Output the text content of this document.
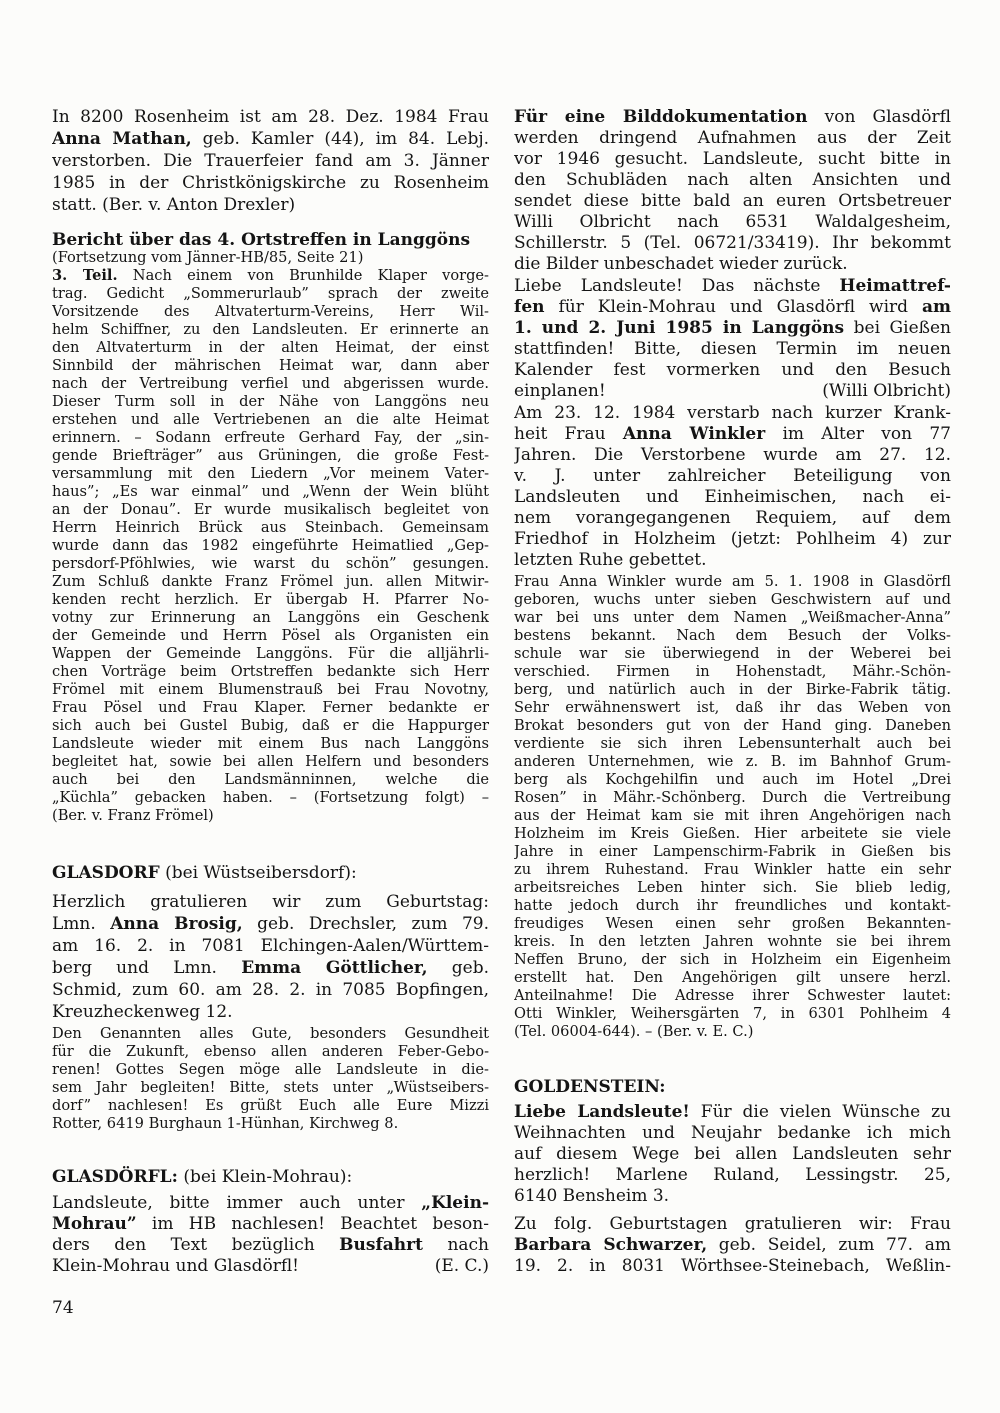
In 8200 Rosenheim ist am 28. Dez. 1984 Frau
Anna Mathan, geb. Kamler (44), im 84. Lebj.
verstorben. Die Trauerfeier fand am 3. Jänner
1985 in der Christkönigskirche zu Rosenheim
statt. (Ber. v. Anton Drexler)
Bericht über das 4. Ortstreffen in Langgöns
(Fortsetzung vom Jänner-HB/85, Seite 21)
3. Teil. Nach einem von Brunhilde Klaper vorge-
trag. Gedicht „Sommerurlaub” sprach der zweite
Vorsitzende des Altvaterturm-Vereins, Herr Wil-
helm Schiffner, zu den Landsleuten. Er erinnerte an
den Altvaterturm in der alten Heimat, der einst
Sinnbild der mährischen Heimat war, dann aber
nach der Vertreibung verfiel und abgerissen wurde.
Dieser Turm soll in der Nähe von Langgöns neu
erstehen und alle Vertriebenen an die alte Heimat
erinnern. – Sodann erfreute Gerhard Fay, der „sin-
gende Briefträger” aus Grüningen, die große Fest-
versammlung mit den Liedern „Vor meinem Vater-
haus”; „Es war einmal” und „Wenn der Wein blüht
an der Donau”. Er wurde musikalisch begleitet von
Herrn Heinrich Brück aus Steinbach. Gemeinsam
wurde dann das 1982 eingeführte Heimatlied „Gep-
persdorf-Pföhlwies, wie warst du schön” gesungen.
Zum Schluß dankte Franz Frömel jun. allen Mitwir-
kenden recht herzlich. Er übergab H. Pfarrer No-
votny zur Erinnerung an Langgöns ein Geschenk
der Gemeinde und Herrn Pösel als Organisten ein
Wappen der Gemeinde Langgöns. Für die alljährli-
chen Vorträge beim Ortstreffen bedankte sich Herr
Frömel mit einem Blumenstrauß bei Frau Novotny,
Frau Pösel und Frau Klaper. Ferner bedankte er
sich auch bei Gustel Bubig, daß er die Happurger
Landsleute wieder mit einem Bus nach Langgöns
begleitet hat, sowie bei allen Helfern und besonders
auch bei den Landsmänninnen, welche die
„Küchla” gebacken haben. – (Fortsetzung folgt) –
(Ber. v. Franz Frömel)
GLASDORF (bei Wüstseibersdorf):
Herzlich gratulieren wir zum Geburtstag:
Lmn. Anna Brosig, geb. Drechsler, zum 79.
am 16. 2. in 7081 Elchingen-Aalen/Württem-
berg und Lmn. Emma Göttlicher, geb.
Schmid, zum 60. am 28. 2. in 7085 Bopfingen,
Kreuzheckenweg 12.
Den Genannten alles Gute, besonders Gesundheit
für die Zukunft, ebenso allen anderen Feber-Gebo-
renen! Gottes Segen möge alle Landsleute in die-
sem Jahr begleiten! Bitte, stets unter „Wüstseibers-
dorf” nachlesen! Es grüßt Euch alle Eure Mizzi
Rotter, 6419 Burghaun 1-Hünhan, Kirchweg 8.
GLASDÖRFL: (bei Klein-Mohrau):
Landsleute, bitte immer auch unter „Klein-
Mohrau” im HB nachlesen! Beachtet beson-
ders den Text bezüglich Busfahrt nach
(E. C.)
Klein-Mohrau und Glasdörfl!
74
Für eine Bilddokumentation von Glasdörfl
werden dringend Aufnahmen aus der Zeit
vor 1946 gesucht. Landsleute, sucht bitte in
den Schubläden nach alten Ansichten und
sendet diese bitte bald an euren Ortsbetreuer
Willi Olbricht nach 6531 Waldalgesheim,
Schillerstr. 5 (Tel. 06721/33419). Ihr bekommt
die Bilder unbeschadet wieder zurück.
Liebe Landsleute! Das nächste Heimattref-
fen für Klein-Mohrau und Glasdörfl wird am
1. und 2. Juni 1985 in Langgöns bei Gießen
stattfinden! Bitte, diesen Termin im neuen
Kalender fest vormerken und den Besuch
(Willi Olbricht)
einplanen!
Am 23. 12. 1984 verstarb nach kurzer Krank-
heit Frau Anna Winkler im Alter von 77
Jahren. Die Verstorbene wurde am 27. 12.
v. J. unter zahlreicher Beteiligung von
Landsleuten und Einheimischen, nach ei-
nem vorangegangenen Requiem, auf dem
Friedhof in Holzheim (jetzt: Pohlheim 4) zur
letzten Ruhe gebettet.
Frau Anna Winkler wurde am 5. 1. 1908 in Glasdörfl
geboren, wuchs unter sieben Geschwistern auf und
war bei uns unter dem Namen „Weißmacher-Anna”
bestens bekannt. Nach dem Besuch der Volks-
schule war sie überwiegend in der Weberei bei
verschied. Firmen in Hohenstadt, Mähr.-Schön-
berg, und natürlich auch in der Birke-Fabrik tätig.
Sehr erwähnenswert ist, daß ihr das Weben von
Brokat besonders gut von der Hand ging. Daneben
verdiente sie sich ihren Lebensunterhalt auch bei
anderen Unternehmen, wie z. B. im Bahnhof Grum-
berg als Kochgehilfin und auch im Hotel „Drei
Rosen” in Mähr.-Schönberg. Durch die Vertreibung
aus der Heimat kam sie mit ihren Angehörigen nach
Holzheim im Kreis Gießen. Hier arbeitete sie viele
Jahre in einer Lampenschirm-Fabrik in Gießen bis
zu ihrem Ruhestand. Frau Winkler hatte ein sehr
arbeitsreiches Leben hinter sich. Sie blieb ledig,
hatte jedoch durch ihr freundliches und kontakt-
freudiges Wesen einen sehr großen Bekannten-
kreis. In den letzten Jahren wohnte sie bei ihrem
Neffen Bruno, der sich in Holzheim ein Eigenheim
erstellt hat. Den Angehörigen gilt unsere herzl.
Anteilnahme! Die Adresse ihrer Schwester lautet:
Otti Winkler, Weihersgärten 7, in 6301 Pohlheim 4
(Tel. 06004-644). – (Ber. v. E. C.)
GOLDENSTEIN:
Liebe Landsleute! Für die vielen Wünsche zu
Weihnachten und Neujahr bedanke ich mich
auf diesem Wege bei allen Landsleuten sehr
herzlich! Marlene Ruland, Lessingstr. 25,
6140 Bensheim 3.
Zu folg. Geburtstagen gratulieren wir: Frau
Barbara Schwarzer, geb. Seidel, zum 77. am
19. 2. in 8031 Wörthsee-Steinebach, Weßlin-
